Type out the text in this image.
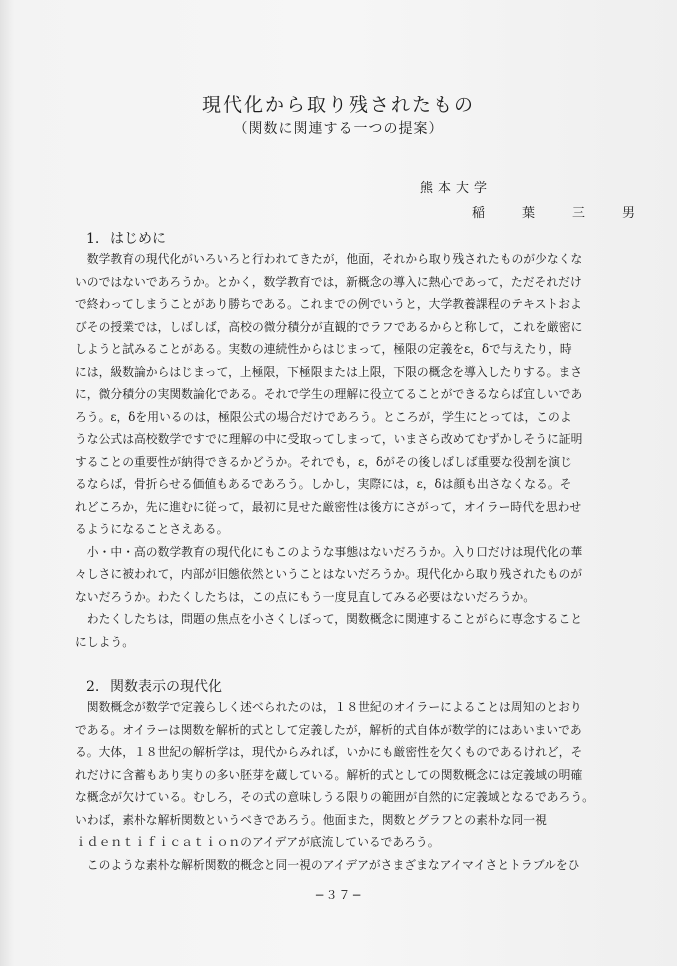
現代化から取り残されたもの
（関数に関連する一つの提案）
熊本大学
稲　葉　三　男
1. はじめに

数学教育の現代化がいろいろと行われてきたが，他面，それから取り残されたものが少なくな
いのではないであろうか。とかく，数学教育では，新概念の導入に熱心であって，ただそれだけ
で終わってしまうことがあり勝ちである。これまでの例でいうと，大学教養課程のテキストおよ
びその授業では，しばしば，高校の微分積分が直観的でラフであるからと称して，これを厳密に
しようと試みることがある。実数の連続性からはじまって，極限の定義をε，δで与えたり，時
には，級数論からはじまって，上極限，下極限または上限，下限の概念を導入したりする。まさ
に，微分積分の実関数論化である。それで学生の理解に役立てることができるならば宜しいであ
ろう。ε，δを用いるのは，極限公式の場合だけであろう。ところが，学生にとっては，このよ
うな公式は高校数学ですでに理解の中に受取ってしまって，いまさら改めてむずかしそうに証明
することの重要性が納得できるかどうか。それでも，ε，δがその後しばしば重要な役割を演じ
るならば，骨折らせる価値もあるであろう。しかし，実際には，ε，δは顔も出さなくなる。そ
れどころか，先に進むに従って，最初に見せた厳密性は後方にさがって，オイラー時代を思わせ
るようになることさえある。

小・中・高の数学教育の現代化にもこのような事態はないだろうか。入り口だけは現代化の華
々しさに被われて，内部が旧態依然ということはないだろうか。現代化から取り残されたものが
ないだろうか。わたくしたちは，この点にもう一度見直してみる必要はないだろうか。

わたくしたちは，問題の焦点を小さくしぼって，関数概念に関連することがらに専念すること
にしよう。

2. 関数表示の現代化

関数概念が数学で定義らしく述べられたのは，１８世紀のオイラーによることは周知のとおり
である。オイラーは関数を解析的式として定義したが，解析的式自体が数学的にはあいまいであ
る。大体，１８世紀の解析学は，現代からみれば，いかにも厳密性を欠くものであるけれど，そ
れだけに含蓄もあり実りの多い胚芽を蔵している。解析的式としての関数概念には定義域の明確
な概念が欠けている。むしろ，その式の意味しうる限りの範囲が自然的に定義域となるであろう。
いわば，素朴な解析関数というべきであろう。他面また，関数とグラフとの素朴な同一視
ｉｄｅｎｔｉｆｉｃａｔｉｏｎのアイデアが底流しているであろう。

このような素朴な解析関数的概念と同一視のアイデアがさまざまなアイマイさとトラブルをひ

−３７−
